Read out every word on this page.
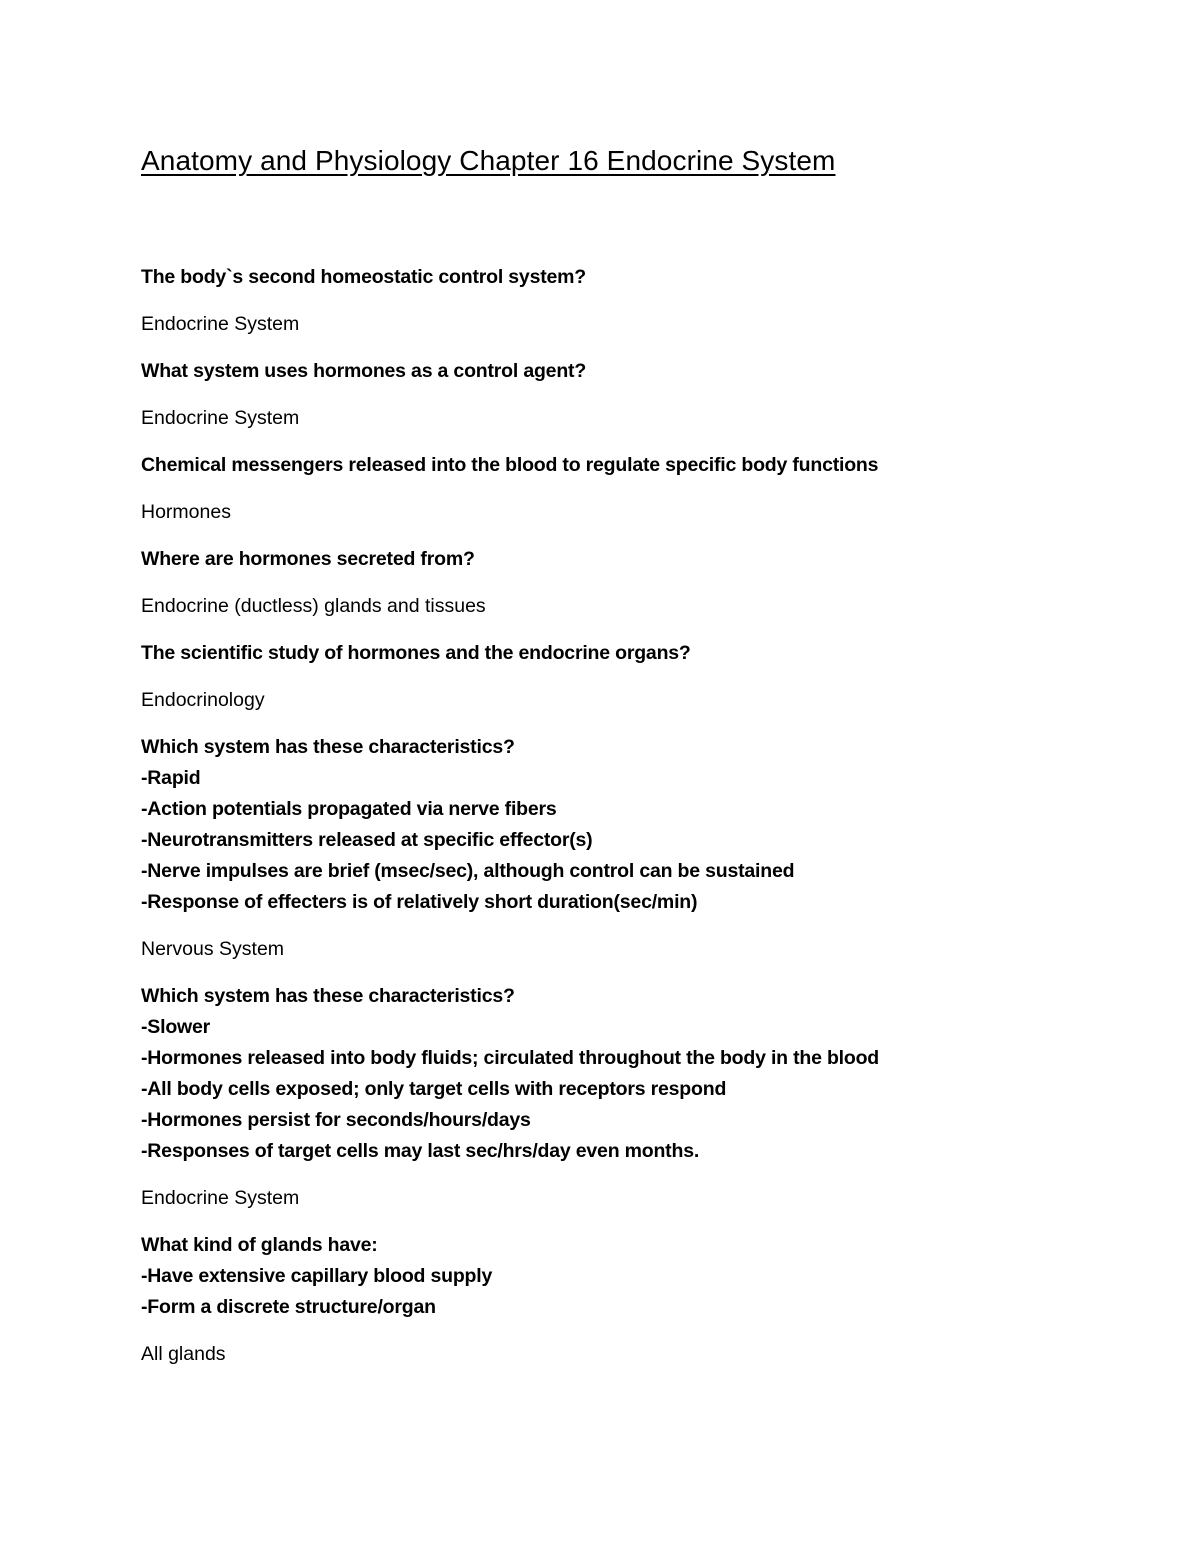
Anatomy and Physiology Chapter 16 Endocrine System
The body`s second homeostatic control system?
Endocrine System
What system uses hormones as a control agent?
Endocrine System
Chemical messengers released into the blood to regulate specific body functions
Hormones
Where are hormones secreted from?
Endocrine (ductless) glands and tissues
The scientific study of hormones and the endocrine organs?
Endocrinology
Which system has these characteristics?
-Rapid
-Action potentials propagated via nerve fibers
-Neurotransmitters released at specific effector(s)
-Nerve impulses are brief (msec/sec), although control can be sustained
-Response of effecters is of relatively short duration(sec/min)
Nervous System
Which system has these characteristics?
-Slower
-Hormones released into body fluids; circulated throughout the body in the blood
-All body cells exposed; only target cells with receptors respond
-Hormones persist for seconds/hours/days
-Responses of target cells may last sec/hrs/day even months.
Endocrine System
What kind of glands have:
-Have extensive capillary blood supply
-Form a discrete structure/organ
All glands
